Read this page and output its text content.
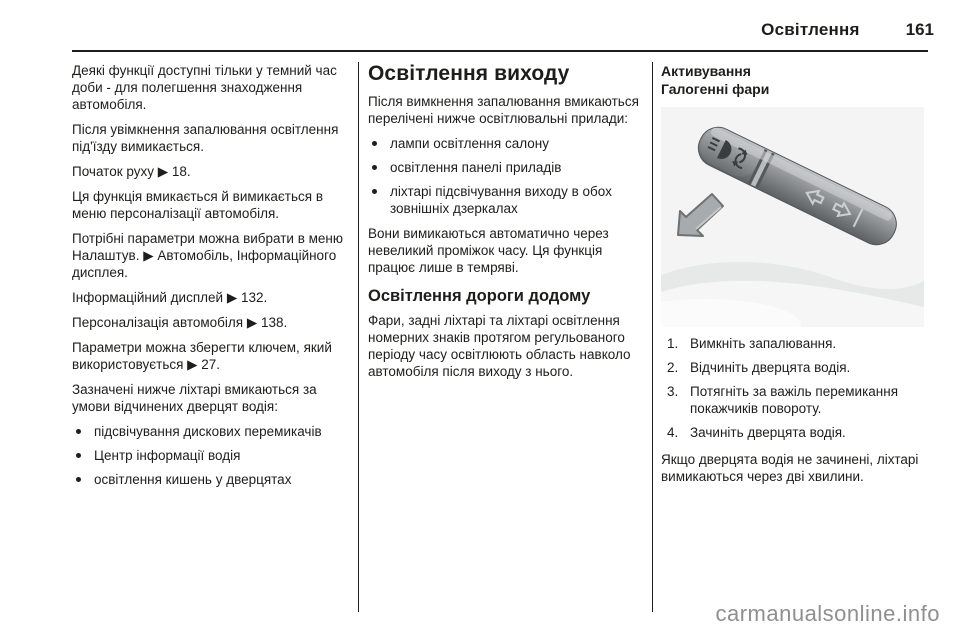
Освітлення	161

Деякі функції доступні тільки у темний час доби - для полегшення знаходження автомобіля.

Після увімкнення запалювання освітлення під'їзду вимикається.

Початок руху ▶ 18.

Ця функція вмикається й вимикається в меню персоналізації автомобіля.

Потрібні параметри можна вибрати в меню Налаштув. ▶ Автомобіль, Інформаційного дисплея.

Інформаційний дисплей ▶ 132.

Персоналізація автомобіля ▶ 138.

Параметри можна зберегти ключем, який використовується ▶ 27.

Зазначені нижче ліхтарі вмикаються за умови відчинених дверцят водія:

підсвічування дискових перемикачів
Центр інформації водія
освітлення кишень у дверцятах
Освітлення виходу

Після вимкнення запалювання вмикаються перелічені нижче освітлювальні прилади:

лампи освітлення салону
освітлення панелі приладів
ліхтарі підсвічування виходу в обох зовнішніх дзеркалах

Вони вимикаються автоматично через невеликий проміжок часу. Ця функція працює лише в темряві.

Освітлення дороги додому

Фари, задні ліхтарі та ліхтарі освітлення номерних знаків протягом регульованого періоду часу освітлюють область навколо автомобіля після виходу з нього.

Активування
Галогенні фари
1. Вимкніть запалювання.
2. Відчиніть дверцята водія.
3. Потягніть за важіль перемикання покажчиків повороту.
4. Зачиніть дверцята водія.

Якщо дверцята водія не зачинені, ліхтарі вимикаються через дві хвилини.

carmanualsonline.info
